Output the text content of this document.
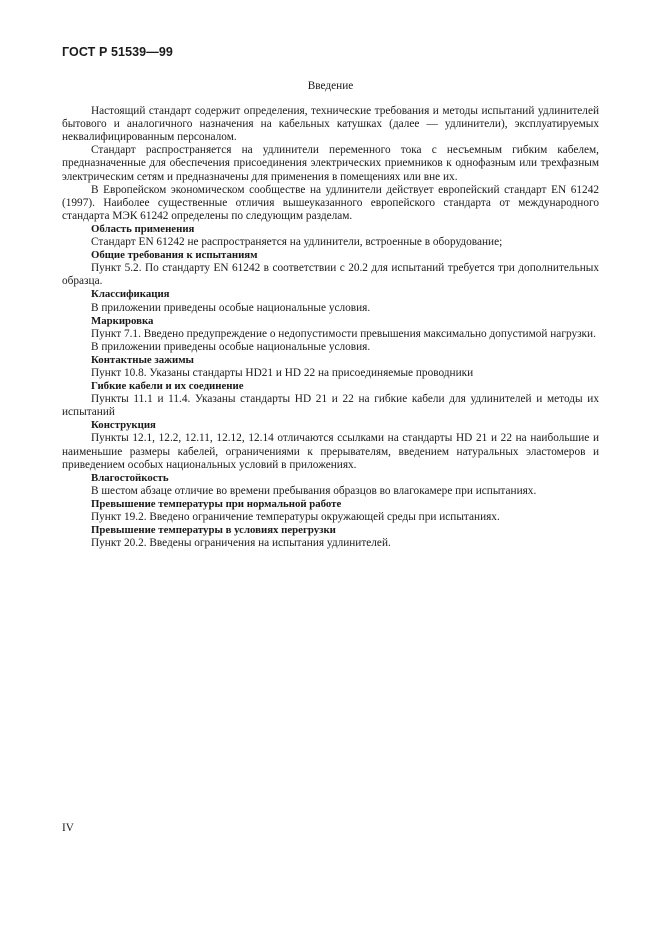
ГОСТ Р 51539—99
Введение

Настоящий стандарт содержит определения, технические требования и методы испытаний удлинителей бытового и аналогичного назначения на кабельных катушках (далее — удлинители), эксплуатируемых неквалифицированным персоналом.

Стандарт распространяется на удлинители переменного тока с несъемным гибким кабелем, предназначенные для обеспечения присоединения электрических приемников к однофазным или трехфазным электрическим сетям и предназначены для применения в помещениях или вне их.

В Европейском экономическом сообществе на удлинители действует европейский стандарт EN 61242 (1997). Наиболее существенные отличия вышеуказанного европейского стандарта от международного стандарта МЭК 61242 определены по следующим разделам.

Область применения

Стандарт EN 61242 не распространяется на удлинители, встроенные в оборудование;

Общие требования к испытаниям

Пункт 5.2. По стандарту EN 61242 в соответствии с 20.2 для испытаний требуется три дополнительных образца.

Классификация

В приложении приведены особые национальные условия.

Маркировка

Пункт 7.1. Введено предупреждение о недопустимости превышения максимально допустимой нагрузки.

В приложении приведены особые национальные условия.

Контактные зажимы

Пункт 10.8. Указаны стандарты HD21 и HD 22 на присоединяемые проводники

Гибкие кабели и их соединение

Пункты 11.1 и 11.4. Указаны стандарты HD 21 и 22 на гибкие кабели для удлинителей и методы их испытаний

Конструкция

Пункты 12.1, 12.2, 12.11, 12.12, 12.14 отличаются ссылками на стандарты HD 21 и 22 на наибольшие и наименьшие размеры кабелей, ограничениями к прерывателям, введением натуральных эластомеров и приведением особых национальных условий в приложениях.

Влагостойкость

В шестом абзаце отличие во времени пребывания образцов во влагокамере при испытаниях.

Превышение температуры при нормальной работе

Пункт 19.2. Введено ограничение температуры окружающей среды при испытаниях.

Превышение температуры в условиях перегрузки

Пункт 20.2. Введены ограничения на испытания удлинителей.

IV
